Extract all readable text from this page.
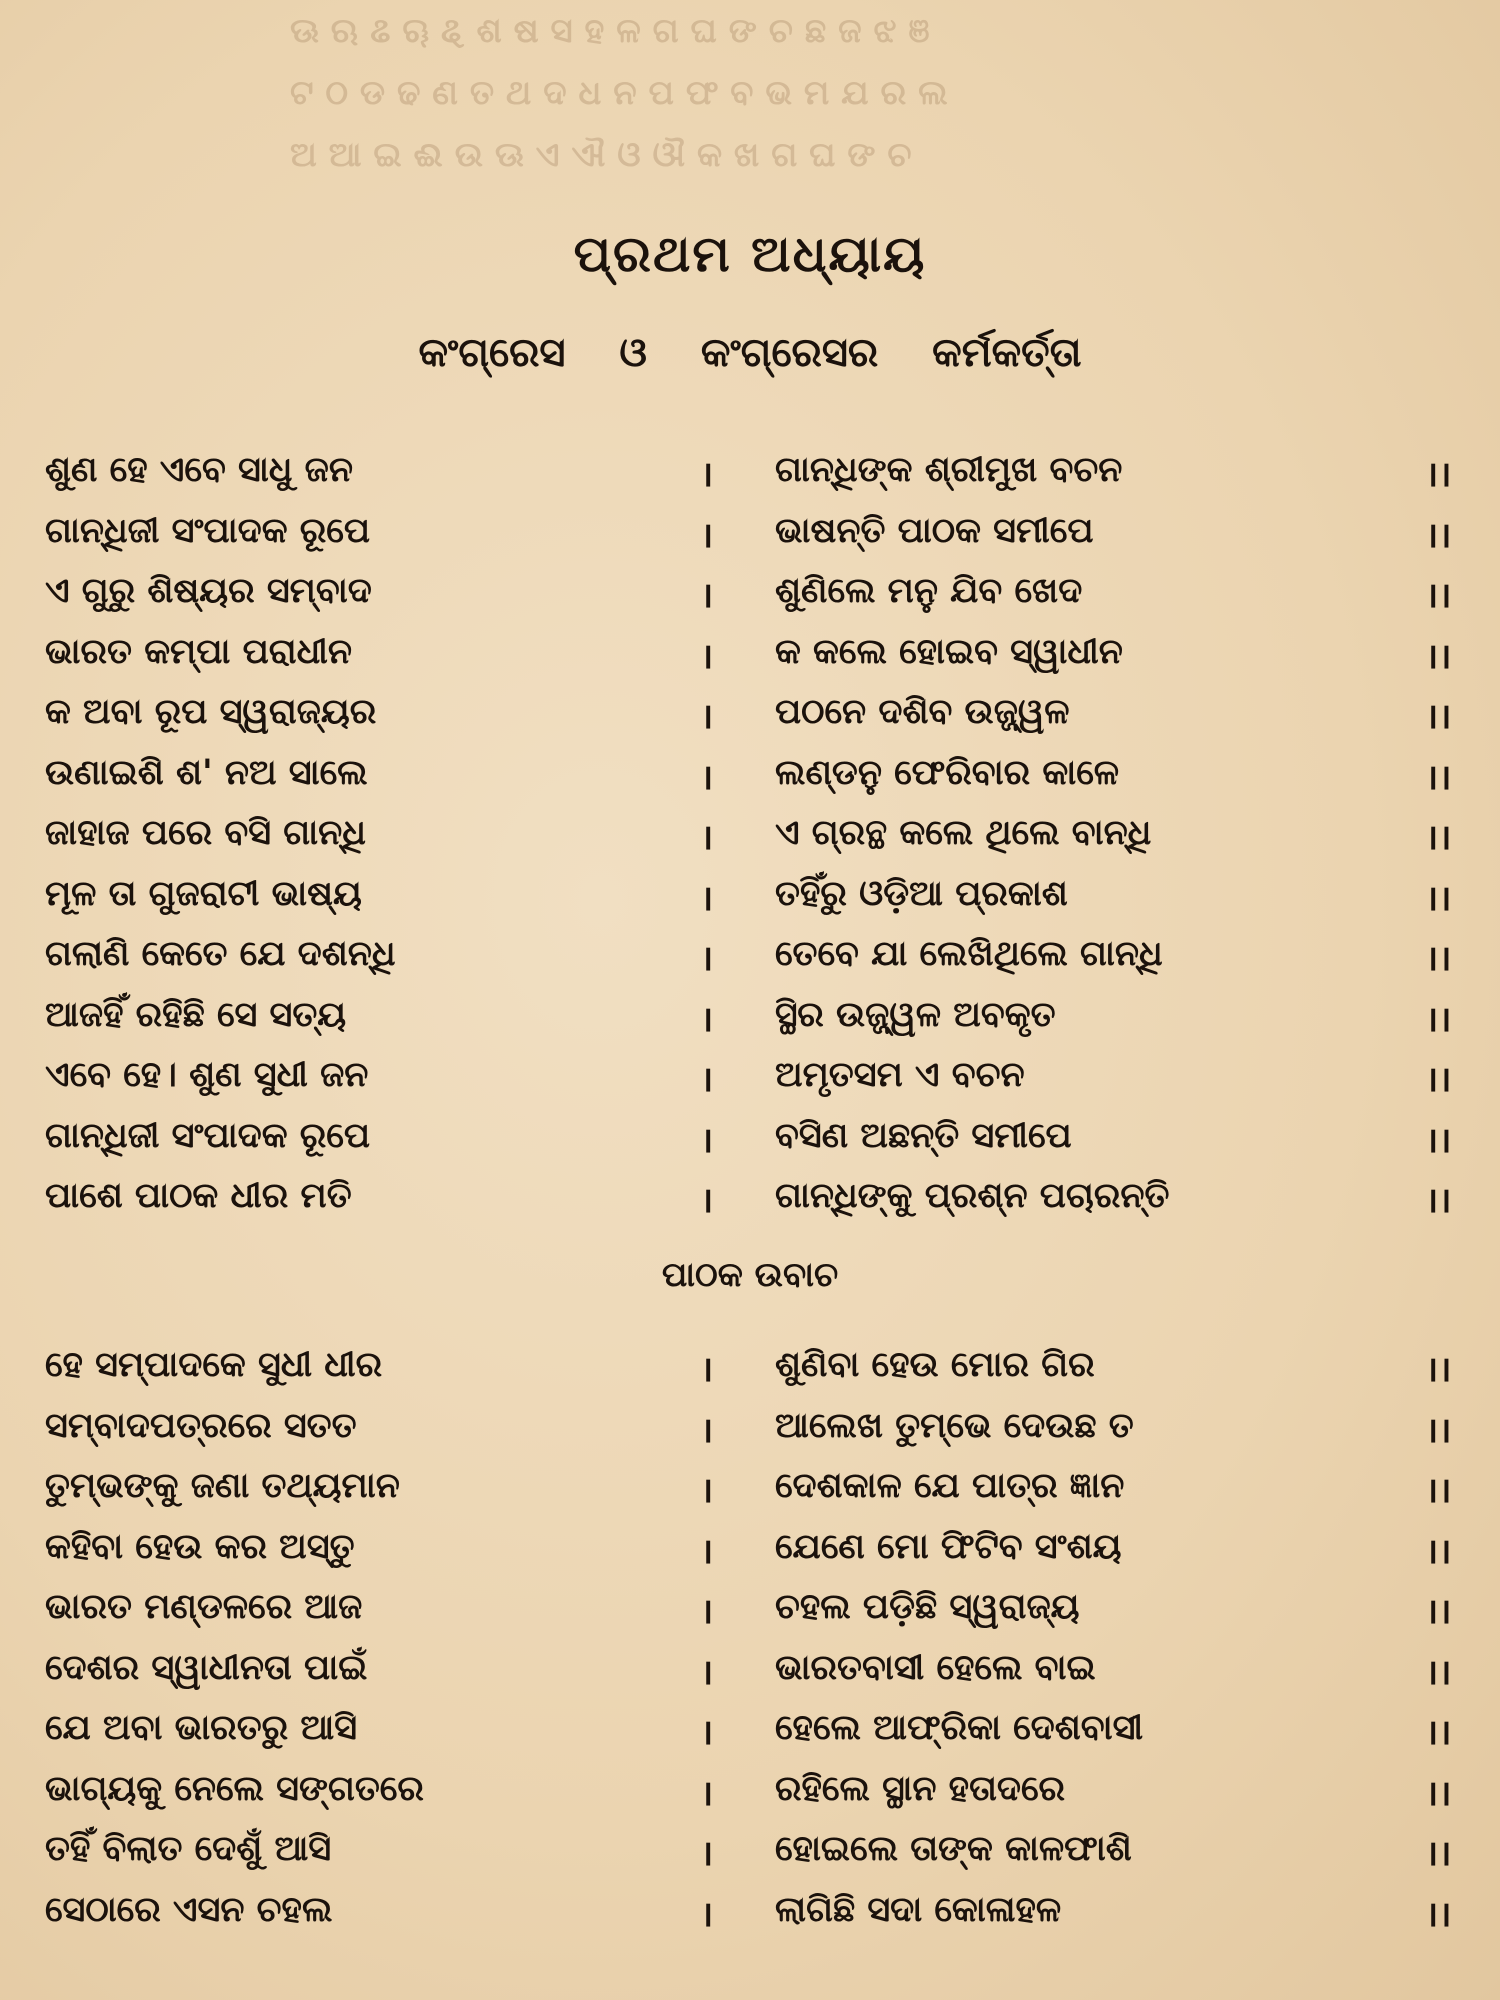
ଊ ଋ ଌ ୠ ୡ ଶ ଷ ସ ହ ଳ ଗ ଘ ଙ ଚ ଛ ଜ ଝ ଞ
ଟ ଠ ଡ ଢ ଣ ତ ଥ ଦ ଧ ନ ପ ଫ ବ ଭ ମ ଯ ର ଲ
ଅ ଆ ଇ ଈ ଉ ଊ ଏ ଐ ଓ ଔ କ ଖ ଗ ଘ ଙ ଚ
ପ୍ରଥମ ଅଧ୍ୟାୟ
କଂଗ୍ରେସ ଓ କଂଗ୍ରେସର କର୍ମକର୍ତ୍ତା
ଶୁଣ ହେ ଏବେ ସାଧୁ ଜନ	। ଗାନ୍ଧିଙ୍କ ଶ୍ରୀମୁଖ ବଚନ	।।
ଗାନ୍ଧିଜୀ ସଂପାଦକ ରୂପେ	। ଭାଷନ୍ତି ପାଠକ ସମୀପେ	।।
ଏ ଗୁରୁ ଶିଷ୍ୟର ସମ୍ବାଦ	। ଶୁଣିଲେ ମନୁ ଯିବ ଖେଦ	।।
ଭାରତ କମ୍ପା ପରାଧୀନ	। କ କଲେ ହୋଇବ ସ୍ୱାଧୀନ	।।
କ ଅବା ରୂପ ସ୍ୱରାଜ୍ୟର	। ପଠନେ ଦଶିବ ଉଜ୍ଜ୍ୱଳ	।।
ଉଣାଇଶି ଶ' ନଅ ସାଲେ	। ଲଣ୍ଡନୁ ଫେରିବାର କାଳେ	।।
ଜାହାଜ ପରେ ବସି ଗାନ୍ଧି	। ଏ ଗ୍ରନ୍ଥ କଲେ ଥିଲେ ବାନ୍ଧି	।।
ମୂଳ ତା ଗୁଜରାଟୀ ଭାଷ୍ୟ	। ତହିଁରୁ ଓଡ଼ିଆ ପ୍ରକାଶ	।।
ଗଲାଣି କେତେ ଯେ ଦଶନ୍ଧି	। ତେବେ ଯା ଲେଖିଥିଲେ ଗାନ୍ଧି	।।
ଆଜହିଁ ରହିଛି ସେ ସତ୍ୟ	। ସ୍ଥିର ଉଜ୍ଜ୍ୱଳ ଅବକୃତ	।।
ଏବେ ହେ। ଶୁଣ ସୁଧୀ ଜନ	। ଅମୃତସମ ଏ ବଚନ	।।
ଗାନ୍ଧିଜୀ ସଂପାଦକ ରୂପେ	। ବସିଣ ଅଛନ୍ତି ସମୀପେ	।।
ପାଶେ ପାଠକ ଧୀର ମତି	। ଗାନ୍ଧିଙ୍କୁ ପ୍ରଶ୍ନ ପଚାରନ୍ତି	।।
ପାଠକ ଉବାଚ
ହେ ସମ୍ପାଦକେ ସୁଧୀ ଧୀର	। ଶୁଣିବା ହେଉ ମୋର ଗିର	।।
ସମ୍ବାଦପତ୍ରରେ ସତତ	। ଆଲେଖ ତୁମ୍ଭେ ଦେଉଛ ତ	।।
ତୁମ୍ଭଙ୍କୁ ଜଣା ତଥ୍ୟମାନ	। ଦେଶକାଳ ଯେ ପାତ୍ର ଜ୍ଞାନ	।।
କହିବା ହେଉ କର ଅସ୍ତୁ	। ଯେଣେ ମୋ ଫିଟିବ ସଂଶୟ	।।
ଭାରତ ମଣ୍ଡଳରେ ଆଜ	। ଚହଲ ପଡ଼ିଛି ସ୍ୱରାଜ୍ୟ	।।
ଦେଶର ସ୍ୱାଧୀନତା ପାଇଁ	। ଭାରତବାସୀ ହେଲେ ବାଇ	।।
ଯେ ଅବା ଭାରତରୁ ଆସି	। ହେଲେ ଆଫ୍ରିକା ଦେଶବାସୀ	।।
ଭାଗ୍ୟକୁ ନେଲେ ସଙ୍ଗତରେ	। ରହିଲେ ସ୍ଥାନ ହତାଦରେ	।।
ତହିଁ ବିଲାତ ଦେଶୁଁ ଆସି	। ହୋଇଲେ ତାଙ୍କ କାଳଫାଶି	।।
ସେଠାରେ ଏସନ ଚହଲ	। ଲାଗିଛି ସଦା କୋଳାହଳ	।।
